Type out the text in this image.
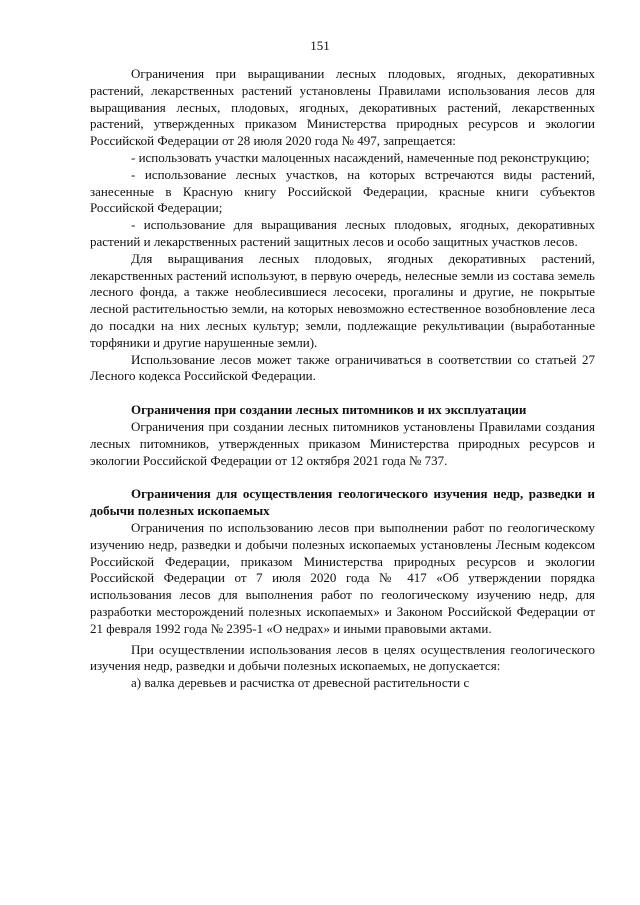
151

Ограничения при выращивании лесных плодовых, ягодных, декоративных растений, лекарственных растений установлены Правилами использования лесов для выращивания лесных, плодовых, ягодных, декоративных растений, лекарственных растений, утвержденных приказом Министерства природных ресурсов и экологии Российской Федерации от 28 июля 2020 года № 497, запрещается:

- использовать участки малоценных насаждений, намеченные под реконструкцию;

- использование лесных участков, на которых встречаются виды растений, занесенные в Красную книгу Российской Федерации, красные книги субъектов Российской Федерации;

- использование для выращивания лесных плодовых, ягодных, декоративных растений и лекарственных растений защитных лесов и особо защитных участков лесов.

Для выращивания лесных плодовых, ягодных декоративных растений, лекарственных растений используют, в первую очередь, нелесные земли из состава земель лесного фонда, а также необлесившиеся лесосеки, прогалины и другие, не покрытые лесной растительностью земли, на которых невозможно естественное возобновление леса до посадки на них лесных культур; земли, подлежащие рекультивации (выработанные торфяники и другие нарушенные земли).

Использование лесов может также ограничиваться в соответствии со статьей 27 Лесного кодекса Российской Федерации.

Ограничения при создании лесных питомников и их эксплуатации

Ограничения при создании лесных питомников установлены Правилами создания лесных питомников, утвержденных приказом Министерства природных ресурсов и экологии Российской Федерации от 12 октября 2021 года № 737.

Ограничения для осуществления геологического изучения недр, разведки и добычи полезных ископаемых

Ограничения по использованию лесов при выполнении работ по геологическому изучению недр, разведки и добычи полезных ископаемых установлены Лесным кодексом Российской Федерации, приказом Министерства природных ресурсов и экологии Российской Федерации от 7 июля 2020 года № 417 «Об утверждении порядка использования лесов для выполнения работ по геологическому изучению недр, для разработки месторождений полезных ископаемых» и Законом Российской Федерации от 21 февраля 1992 года № 2395-1 «О недрах» и иными правовыми актами.

При осуществлении использования лесов в целях осуществления геологического изучения недр, разведки и добычи полезных ископаемых, не допускается:

а) валка деревьев и расчистка от древесной растительности с
